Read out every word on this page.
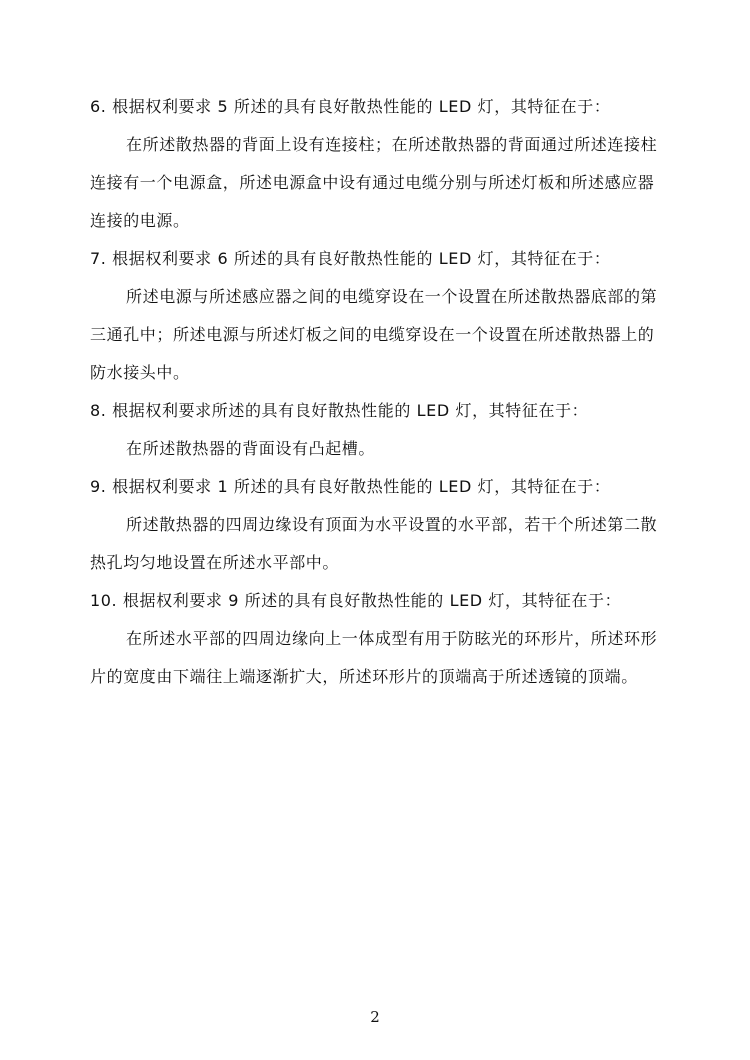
6. 根据权利要求 5 所述的具有良好散热性能的 LED 灯，其特征在于：
在所述散热器的背面上设有连接柱；在所述散热器的背面通过所述连接柱
连接有一个电源盒，所述电源盒中设有通过电缆分别与所述灯板和所述感应器
连接的电源。
7. 根据权利要求 6 所述的具有良好散热性能的 LED 灯，其特征在于：
所述电源与所述感应器之间的电缆穿设在一个设置在所述散热器底部的第
三通孔中；所述电源与所述灯板之间的电缆穿设在一个设置在所述散热器上的
防水接头中。
8. 根据权利要求所述的具有良好散热性能的 LED 灯，其特征在于：
在所述散热器的背面设有凸起槽。
9. 根据权利要求 1 所述的具有良好散热性能的 LED 灯，其特征在于：
所述散热器的四周边缘设有顶面为水平设置的水平部，若干个所述第二散
热孔均匀地设置在所述水平部中。
10. 根据权利要求 9 所述的具有良好散热性能的 LED 灯，其特征在于：
在所述水平部的四周边缘向上一体成型有用于防眩光的环形片，所述环形
片的宽度由下端往上端逐渐扩大，所述环形片的顶端高于所述透镜的顶端。
2
